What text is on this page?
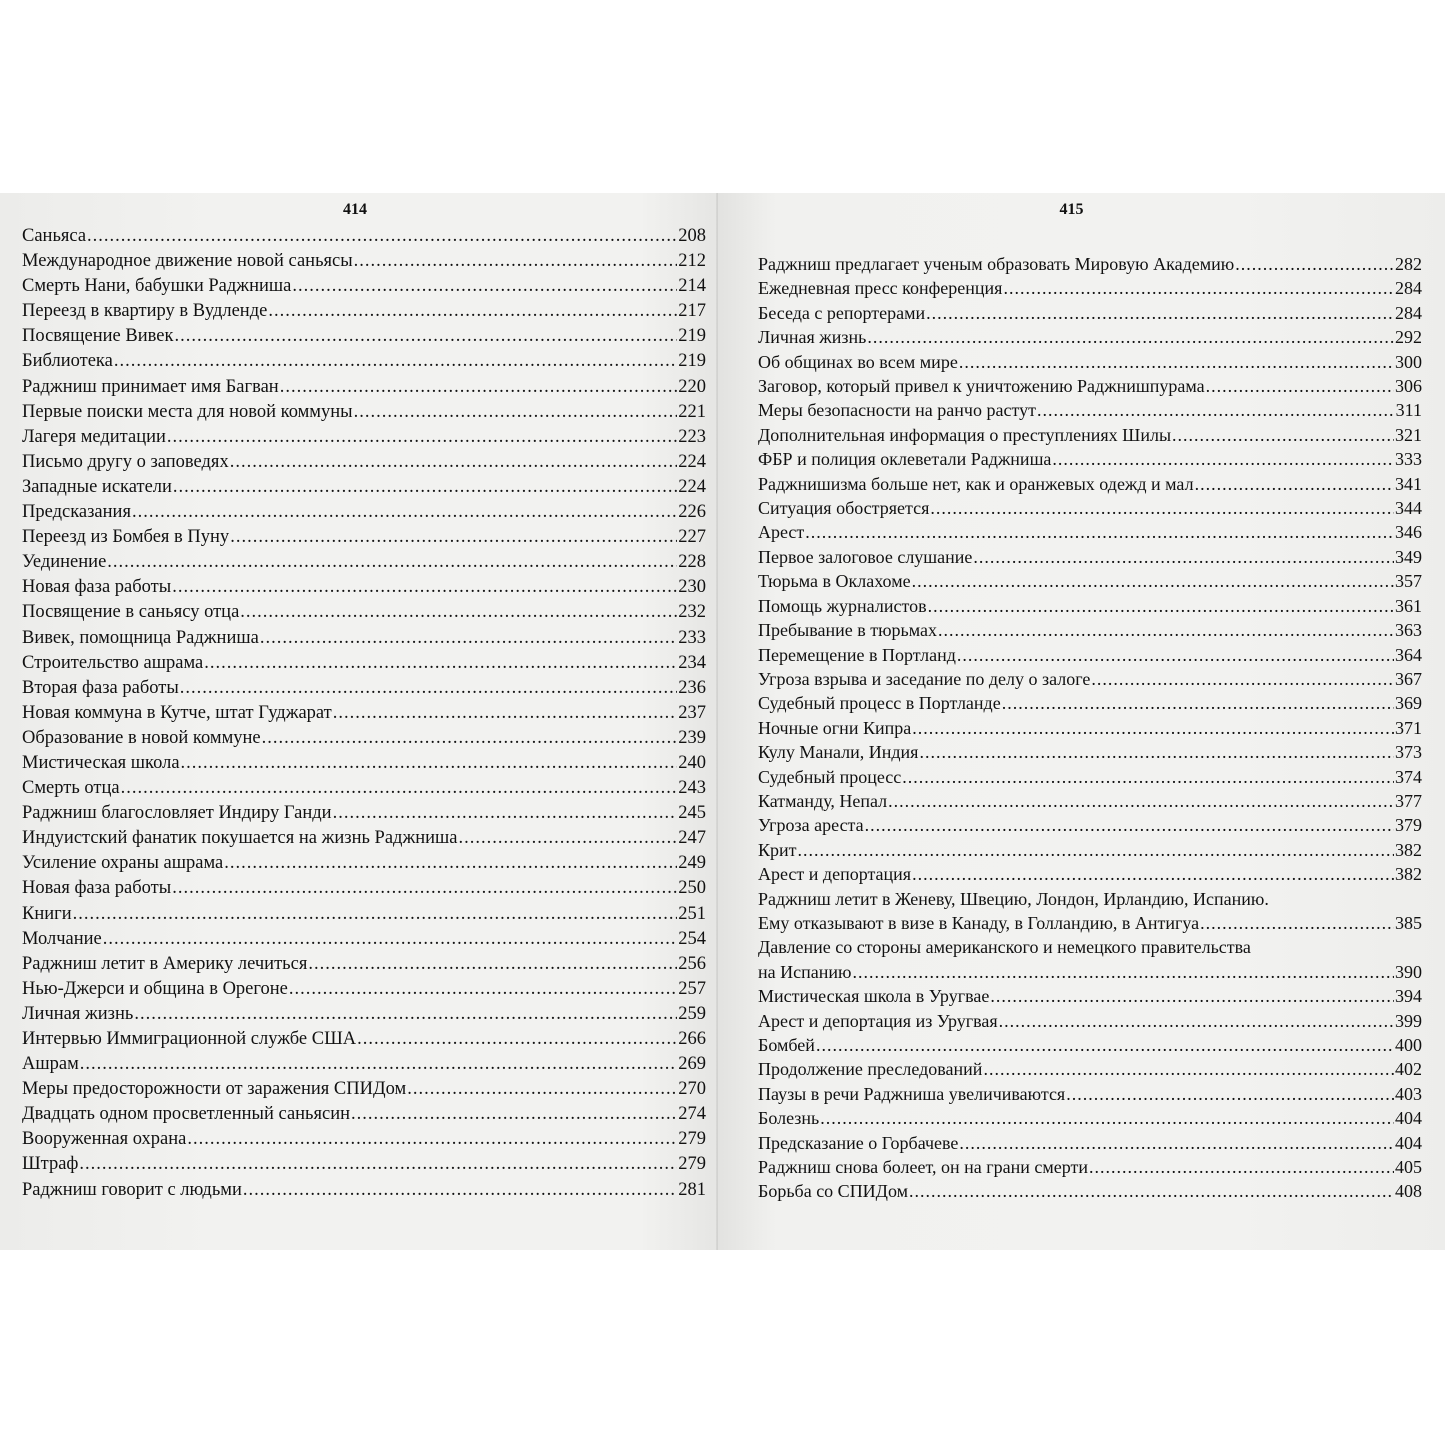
414
Саньяса .....	208
Международное движение новой саньясы .....	212
Смерть Нани, бабушки Раджниша .....	214
Переезд в квартиру в Вудленде .....	217
Посвящение Вивек .....	219
Библиотека .....	219
Раджниш принимает имя Багван .....	220
Первые поиски места для новой коммуны .....	221
Лагеря медитации .....	223
Письмо другу о заповедях .....	224
Западные искатели .....	224
Предсказания .....	226
Переезд из Бомбея в Пуну .....	227
Уединение .....	228
Новая фаза работы .....	230
Посвящение в саньясу отца .....	232
Вивек, помощница Раджниша .....	233
Строительство ашрама .....	234
Вторая фаза работы .....	236
Новая коммуна в Кутче, штат Гуджарат .....	237
Образование в новой коммуне .....	239
Мистическая школа .....	240
Смерть отца .....	243
Раджниш благословляет Индиру Ганди .....	245
Индуистский фанатик покушается на жизнь Раджниша .....	247
Усиление охраны ашрама .....	249
Новая фаза работы .....	250
Книги .....	251
Молчание .....	254
Раджниш летит в Америку лечиться .....	256
Нью-Джерси и община в Орегоне .....	257
Личная жизнь .....	259
Интервью Иммиграционной службе США .....	266
Ашрам .....	269
Меры предосторожности от заражения СПИДом .....	270
Двадцать одном просветленный саньясин .....	274
Вооруженная охрана .....	279
Штраф .....	279
Раджниш говорит с людьми .....	281
415
Раджниш предлагает ученым образовать Мировую Академию .....	282
Ежедневная пресс конференция .....	284
Беседа с репортерами .....	284
Личная жизнь .....	292
Об общинах во всем мире .....	300
Заговор, который привел к уничтожению Раджнишпурама .....	306
Меры безопасности на ранчо растут .....	311
Дополнительная информация о преступлениях Шилы .....	321
ФБР и полиция оклеветали Раджниша .....	333
Раджнишизма больше нет, как и оранжевых одежд и мал .....	341
Ситуация обостряется .....	344
Арест .....	346
Первое залоговое слушание .....	349
Тюрьма в Оклахоме .....	357
Помощь журналистов .....	361
Пребывание в тюрьмах .....	363
Перемещение в Портланд .....	364
Угроза взрыва и заседание по делу о залоге .....	367
Судебный процесс в Портланде .....	369
Ночные огни Кипра .....	371
Кулу Манали, Индия .....	373
Судебный процесс .....	374
Катманду, Непал .....	377
Угроза ареста .....	379
Крит .....	382
Арест и депортация .....	382
Раджниш летит в Женеву, Швецию, Лондон, Ирландию, Испанию.
Ему отказывают в визе в Канаду, в Голландию, в Антигуа .....	385
Давление со стороны американского и немецкого правительства
на Испанию .....	390
Мистическая школа в Уругвае .....	394
Арест и депортация из Уругвая .....	399
Бомбей .....	400
Продолжение преследований .....	402
Паузы в речи Раджниша увеличиваются .....	403
Болезнь .....	404
Предсказание о Горбачеве .....	404
Раджниш снова болеет, он на грани смерти .....	405
Борьба со СПИДом .....	408
